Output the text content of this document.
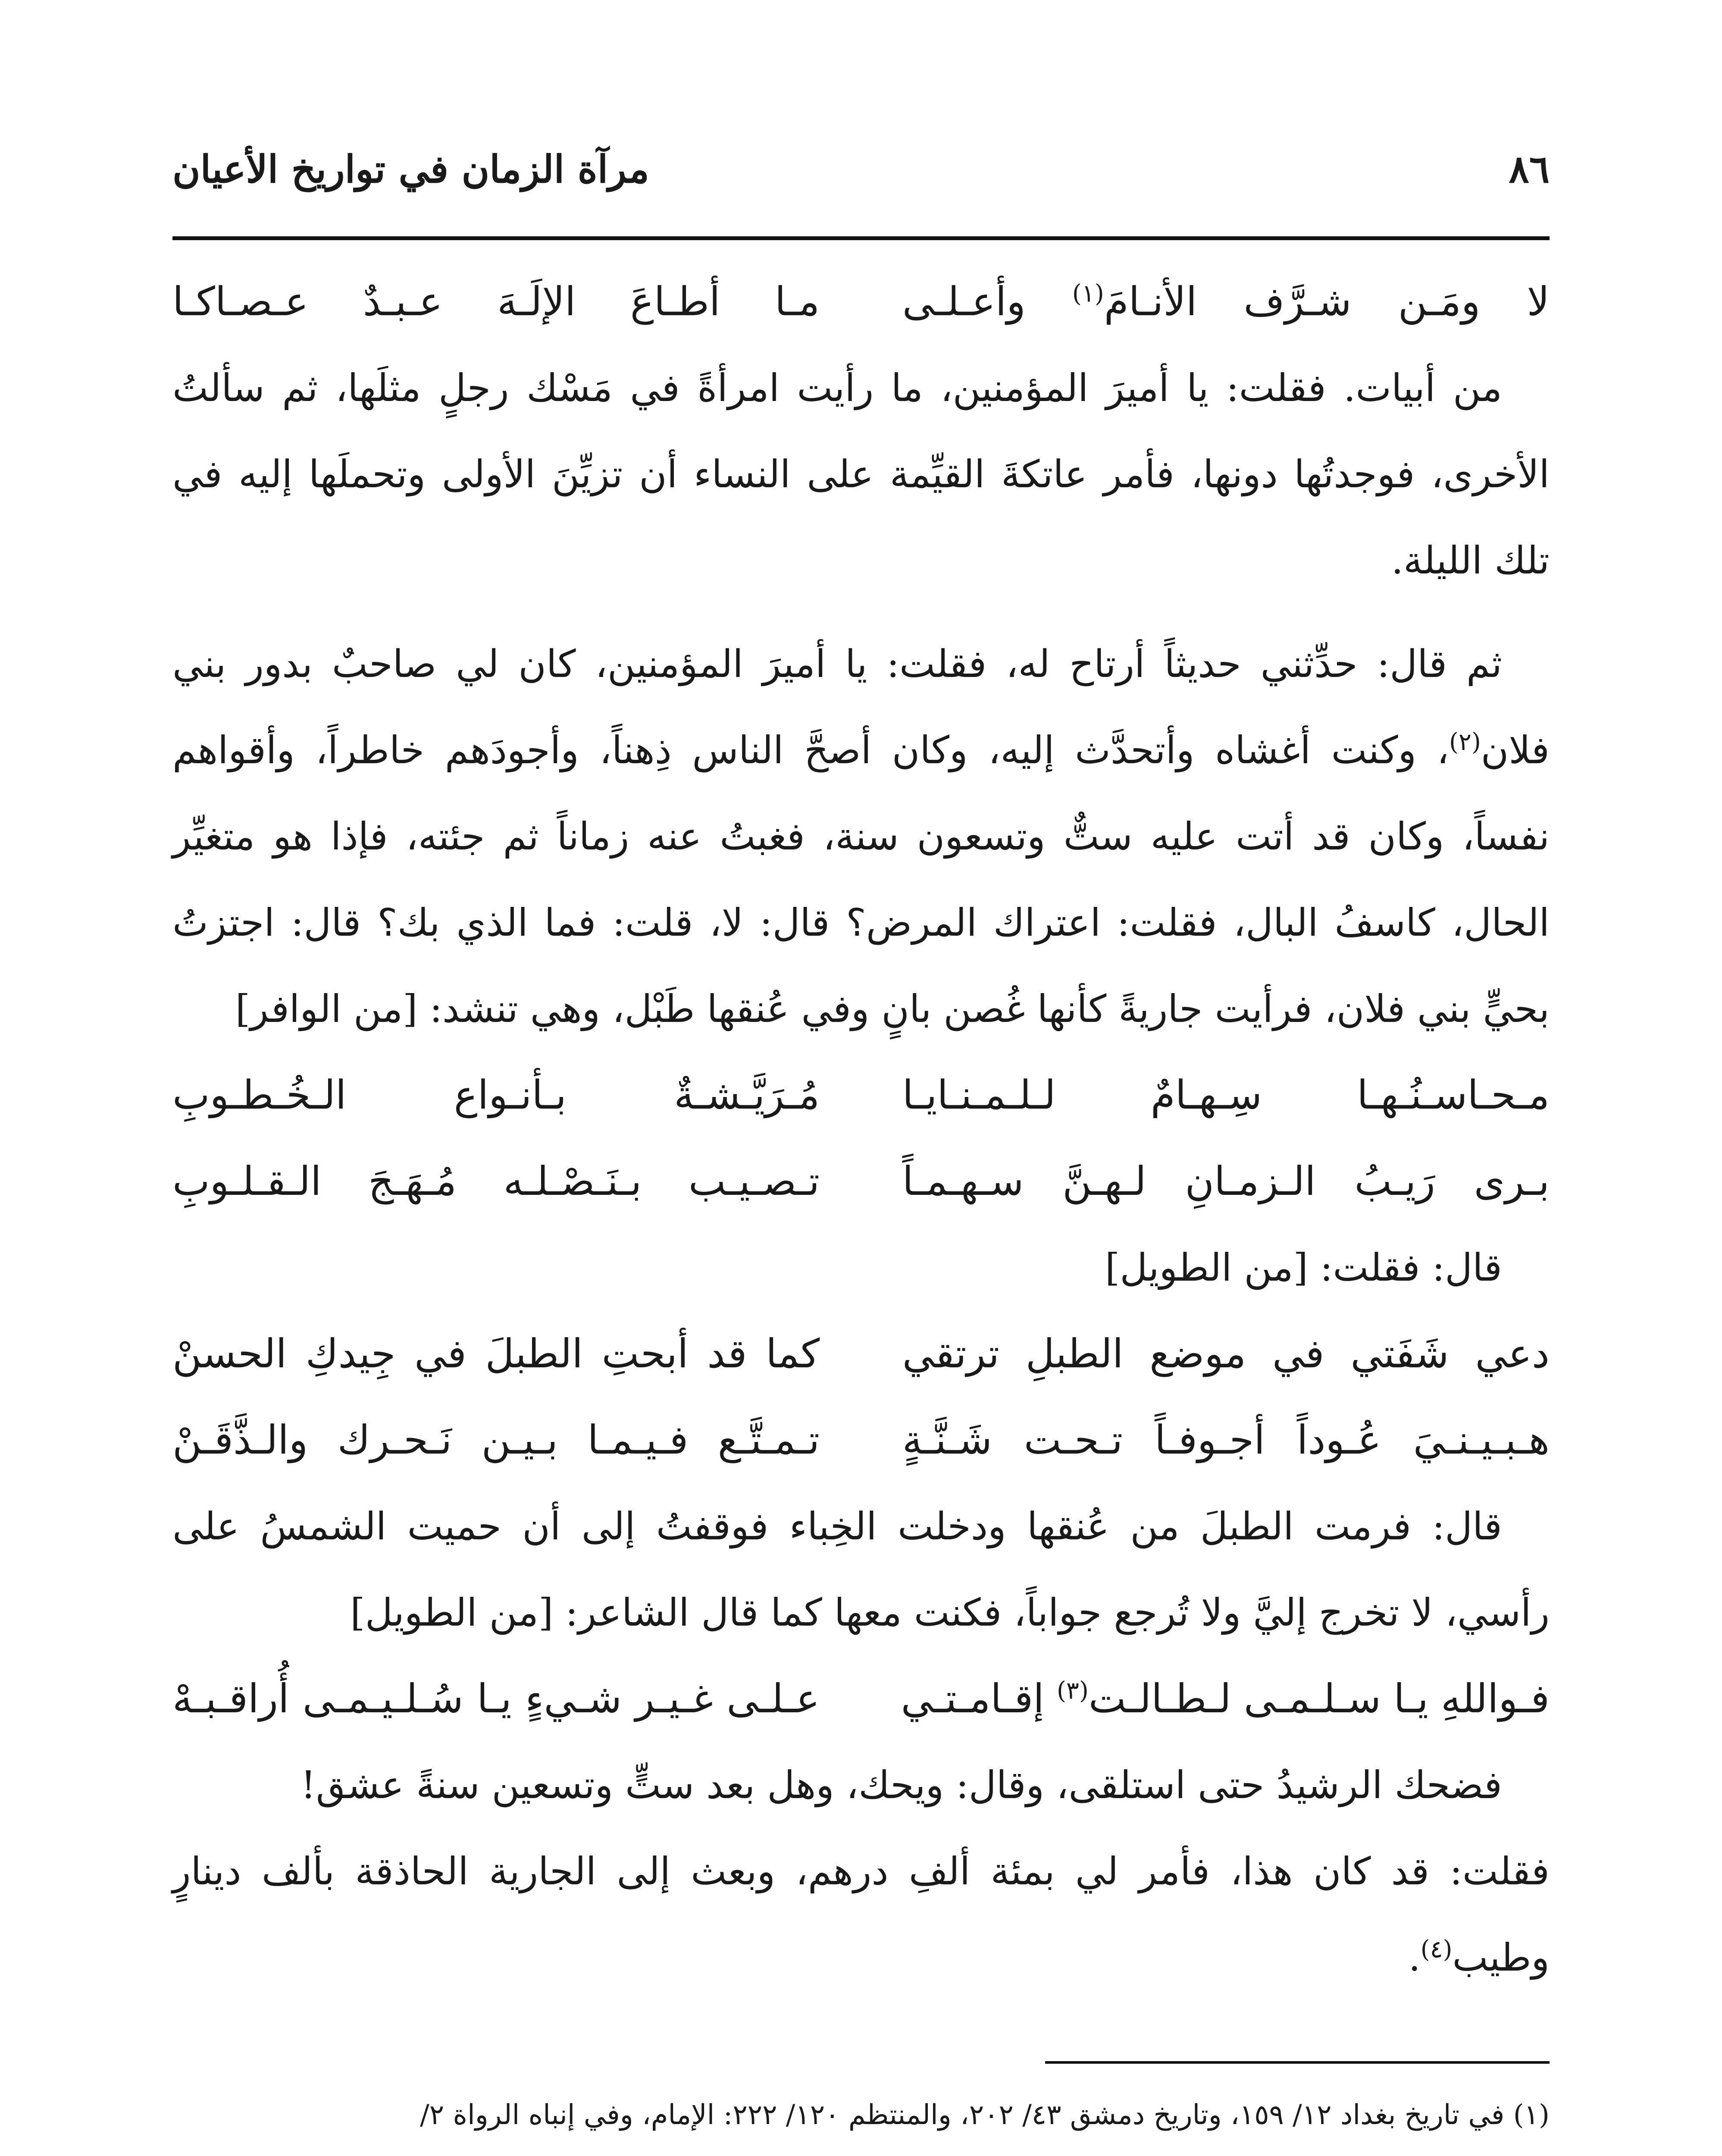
٨٦
مرآة الزمان في تواريخ الأعيان
لا ومَـن شـرَّف الأنـامَ$^{(١)}$ وأعـلـى
مـا أطـاعَ الإلَـهَ عـبـدٌ عـصـاكـا

من أبيات. فقلت: يا أميرَ المؤمنين، ما رأيت امرأةً في مَسْك رجلٍ مثلَها، ثم سألتُ الأخرى، فوجدتُها دونها، فأمر عاتكةَ القيِّمة على النساء أن تزيِّنَ الأولى وتحملَها إليه في تلك الليلة.

ثم قال: حدِّثني حديثاً أرتاح له، فقلت: يا أميرَ المؤمنين، كان لي صاحبٌ بدور بني فلان$^{(٢)}$، وكنت أغشاه وأتحدَّث إليه، وكان أصحَّ الناس ذِهناً، وأجودَهم خاطراً، وأقواهم نفساً، وكان قد أتت عليه ستٌّ وتسعون سنة، فغبتُ عنه زماناً ثم جئته، فإذا هو متغيِّر الحال، كاسفُ البال، فقلت: اعتراك المرض؟ قال: لا، قلت: فما الذي بك؟ قال: اجتزتُ بحيٍّ بني فلان، فرأيت جاريةً كأنها غُصن بانٍ وفي عُنقها طَبْل، وهي تنشد: [من الوافر]

مـحـاسـنُـهـا سِـهـامٌ لـلـمـنـايـا
مُـرَيَّـشـةٌ بـأنـواع الـخُـطـوبِ
بـرى رَيـبُ الـزمـانِ لـهـنَّ سـهـمـاً
تـصـيـب بـنَـصْـلـه مُـهَـجَ الـقـلـوبِ
قال: فقلت: [من الطويل]
دعي شَفَتي في موضع الطبلِ ترتقي
كما قد أبحتِ الطبلَ في جِيدكِ الحسنْ
هـبـيـنـيَ عُـوداً أجـوفـاً تـحـت شَـنَّـةٍ
تـمـتَّـع فـيـمـا بـيـن نَـحـرك والـذَّقَـنْ

قال: فرمت الطبلَ من عُنقها ودخلت الخِباء فوقفتُ إلى أن حميت الشمسُ على رأسي، لا تخرج إليَّ ولا تُرجع جواباً، فكنت معها كما قال الشاعر: [من الطويل]

فـواللهِ يـا سـلـمـى لـطـالـت$^{(٣)}$ إقـامـتـي
عـلـى غـيـر شـيءٍ يـا سُـلـيـمـى أُراقـبـهْ

فضحك الرشيدُ حتى استلقى، وقال: ويحك، وهل بعد ستٍّ وتسعين سنةً عشق!

فقلت: قد كان هذا، فأمر لي بمئة ألفِ درهم، وبعث إلى الجارية الحاذقة بألف دينارٍ وطيب$^{(٤)}$.

(١) في تاريخ بغداد ١٢/ ١٥٩، وتاريخ دمشق ٤٣/ ٢٠٢، والمنتظم ١٢٠/ ٢٢٢: الإمام، وفي إنباه الرواة ٢/
